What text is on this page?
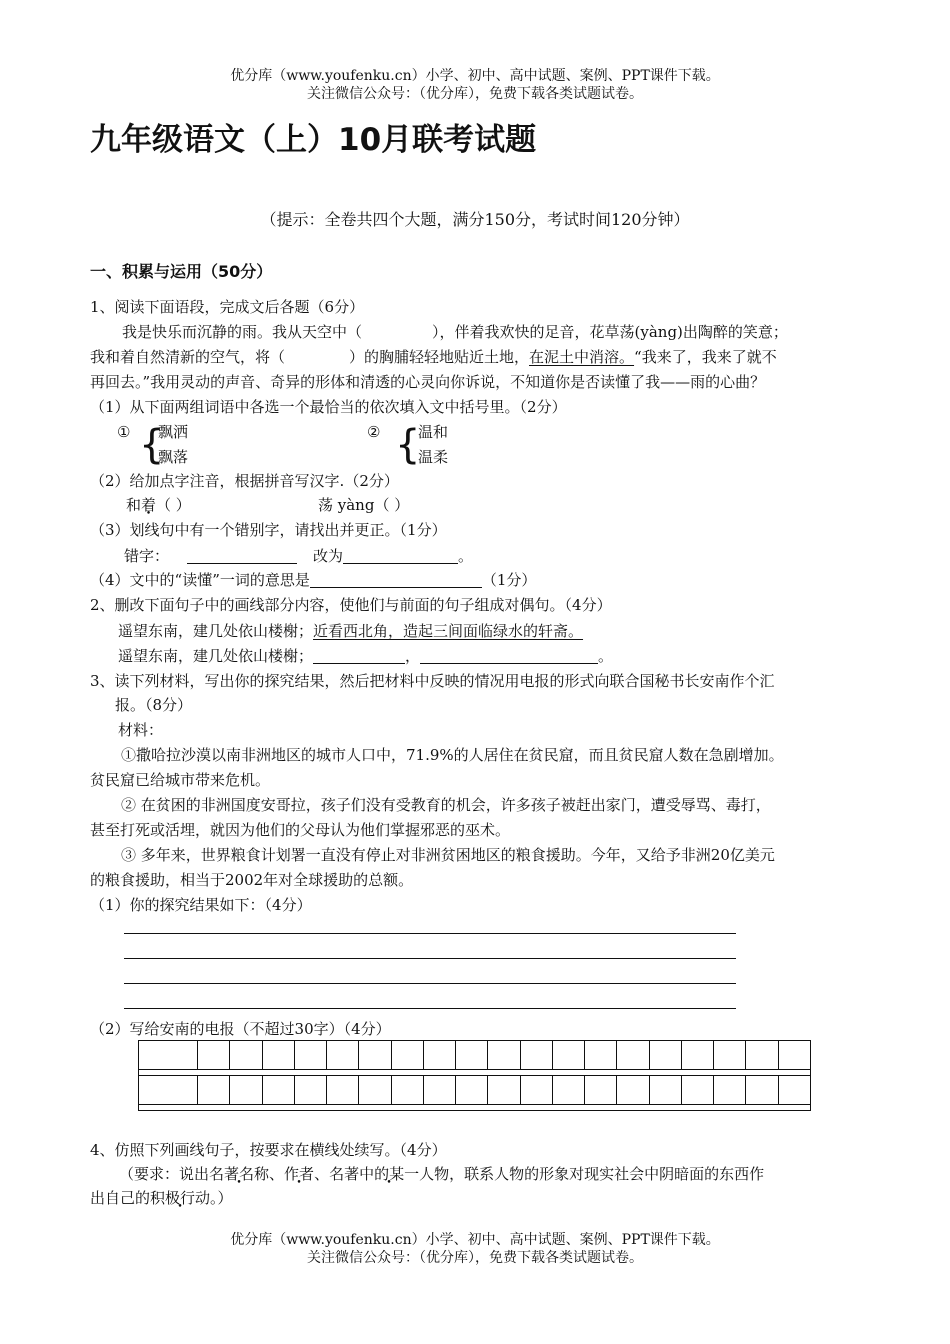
优分库（www.youfenku.cn）小学、初中、高中试题、案例、PPT课件下载。
关注微信公众号：（优分库），免费下载各类试题试卷。
九年级语文（上）10月联考试题
（提示：全卷共四个大题，满分150分，考试时间120分钟）
一、积累与运用（50分）
1、阅读下面语段，完成文后各题（6分）
我是快乐而沉静的雨。我从天空中（	），伴着我欢快的足音，花草荡(yàng)出陶醉的笑意；
我和着自然清新的空气，将（	）的胸脯轻轻地贴近土地，在泥土中消溶。“我来了，我来了就不
再回去。”我用灵动的声音、奇异的形体和清透的心灵向你诉说，不知道你是否读懂了我——雨的心曲？
（1）从下面两组词语中各选一个最恰当的依次填入文中括号里。（2分）
① {
飘洒
飘落
② {
温和
温柔
（2）给加点字注音，根据拼音写汉字.（2分）
和着（ ）	荡 yàng（ ）
（3）划线句中有一个错别字，请找出并更正。（1分）
错字：	改为	。
（4）文中的“读懂”一词的意思是	（1分）
2、删改下面句子中的画线部分内容，使他们与前面的句子组成对偶句。（4分）
遥望东南，建几处依山楼榭；近看西北角，造起三间面临绿水的轩斋。
遥望东南，建几处依山楼榭；	，	。
3、读下列材料，写出你的探究结果，然后把材料中反映的情况用电报的形式向联合国秘书长安南作个汇
报。（8分）
材料：
①撒哈拉沙漠以南非洲地区的城市人口中，71.9%的人居住在贫民窟，而且贫民窟人数在急剧增加。
贫民窟已给城市带来危机。
② 在贫困的非洲国度安哥拉，孩子们没有受教育的机会，许多孩子被赶出家门，遭受辱骂、毒打，
甚至打死或活埋，就因为他们的父母认为他们掌握邪恶的巫术。
③ 多年来，世界粮食计划署一直没有停止对非洲贫困地区的粮食援助。今年，又给予非洲20亿美元
的粮食援助，相当于2002年对全球援助的总额。
（1）你的探究结果如下：（4分）
（2）写给安南的电报（不超过30字）（4分）

4、仿照下列画线句子，按要求在横线处续写。（4分）
（要求：说出名著名称、作者、名著中的某一人物 •，联系人物的形象对现实社会中阴暗面的东西作
出自己的积极行动。）
优分库（www.youfenku.cn）小学、初中、高中试题、案例、PPT课件下载。
关注微信公众号：（优分库），免费下载各类试题试卷。
